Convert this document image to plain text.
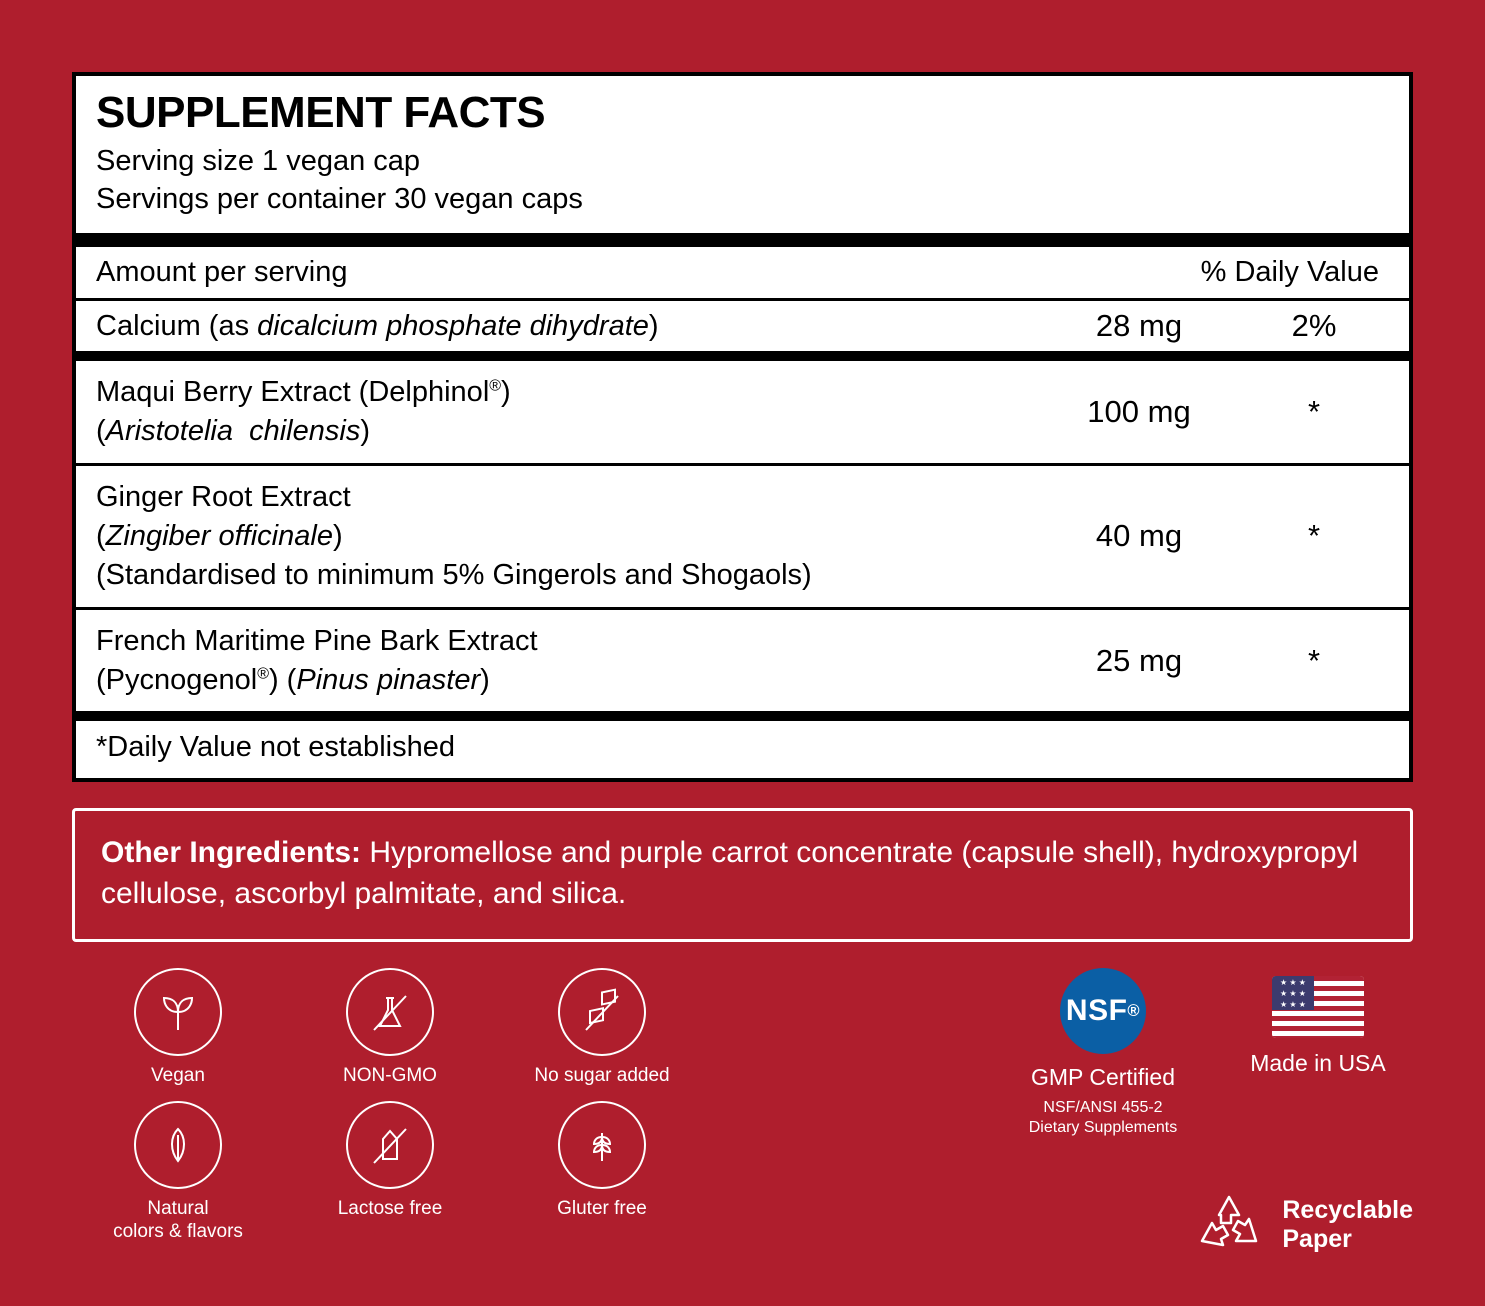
SUPPLEMENT FACTS
Serving size 1 vegan cap
Servings per container 30 vegan caps
Amount per serving	% Daily Value
Calcium (as dicalcium phosphate dihydrate)	28 mg	2%
Maqui Berry Extract (Delphinol®)
(Aristotelia  chilensis)
100 mg	*
Ginger Root Extract
(Zingiber officinale)
(Standardised to minimum 5% Gingerols and Shogaols)
40 mg	*
French Maritime Pine Bark Extract
(Pycnogenol®) (Pinus pinaster)
25 mg	*
*Daily Value not established
Other Ingredients: Hypromellose and purple carrot concentrate (capsule shell), hydroxypropyl cellulose, ascorbyl palmitate, and silica.
Vegan	NON-GMO	No sugar added
Natural
colors & flavors
Lactose free	Gluter free
NSF ®
GMP Certified
NSF/ANSI 455-2
Dietary Supplements
★ ★ ★ ★ ★ ★ ★ ★ ★
Made in USA
Recyclable
Paper
